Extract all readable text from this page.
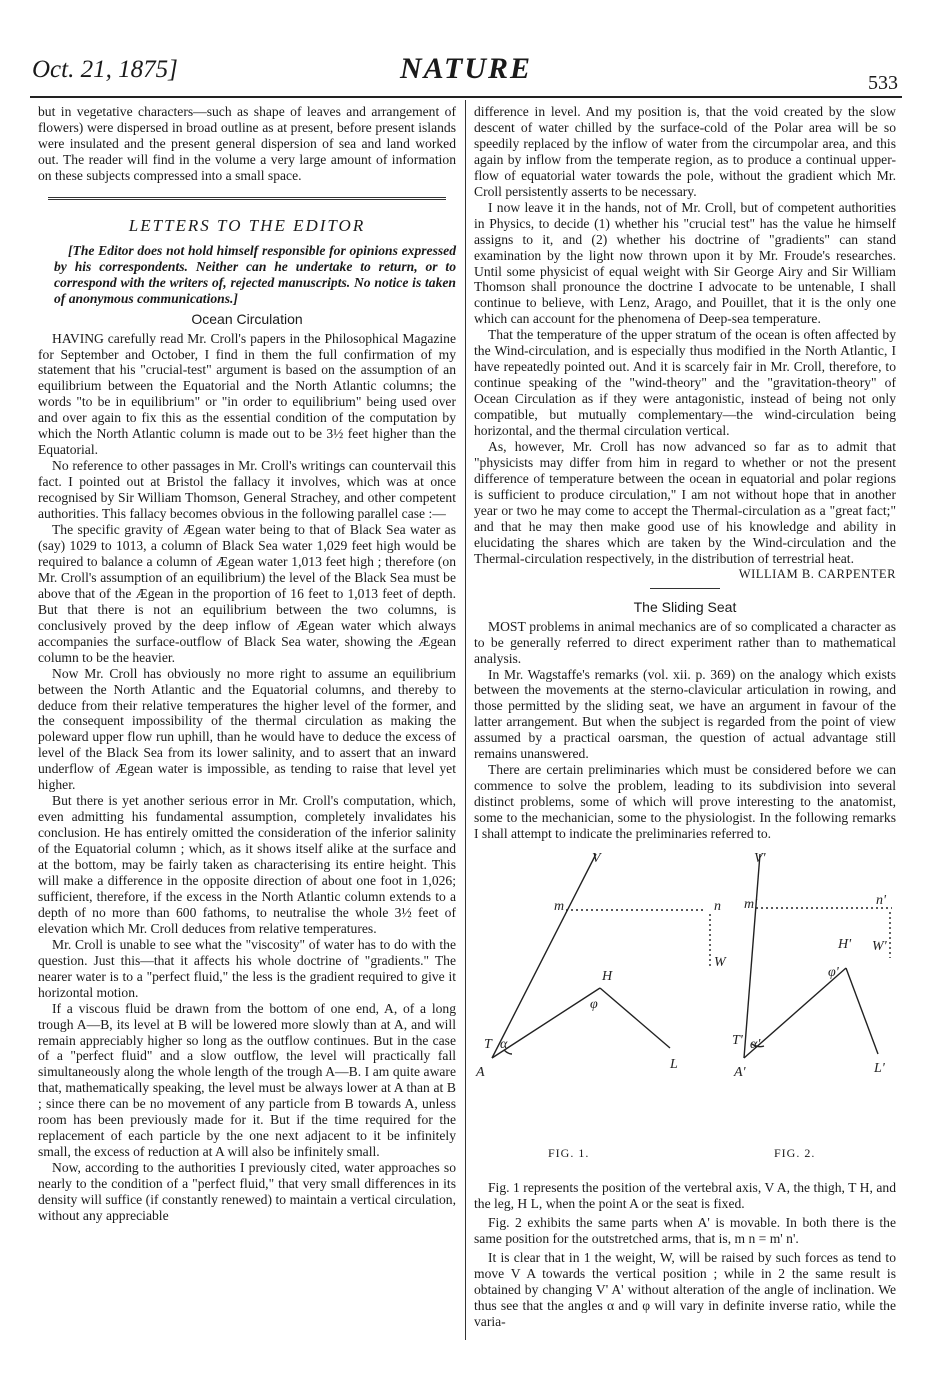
Oct. 21, 1875]	NATURE	533

but in vegetative characters—such as shape of leaves and arrangement of flowers) were dispersed in broad outline as at present, before present islands were insulated and the present general dispersion of sea and land worked out. The reader will find in the volume a very large amount of information on these subjects compressed into a small space.

LETTERS TO THE EDITOR

[The Editor does not hold himself responsible for opinions expressed by his correspondents. Neither can he undertake to return, or to correspond with the writers of, rejected manuscripts. No notice is taken of anonymous communications.]

Ocean Circulation

HAVING carefully read Mr. Croll's papers in the Philosophical Magazine for September and October, I find in them the full confirmation of my statement that his "crucial-test" argument is based on the assumption of an equilibrium between the Equatorial and the North Atlantic columns; the words "to be in equilibrium" or "in order to equilibrium" being used over and over again to fix this as the essential condition of the computation by which the North Atlantic column is made out to be 3½ feet higher than the Equatorial.

No reference to other passages in Mr. Croll's writings can countervail this fact. I pointed out at Bristol the fallacy it involves, which was at once recognised by Sir William Thomson, General Strachey, and other competent authorities. This fallacy becomes obvious in the following parallel case :—

The specific gravity of Ægean water being to that of Black Sea water as (say) 1029 to 1013, a column of Black Sea water 1,029 feet high would be required to balance a column of Ægean water 1,013 feet high ; therefore (on Mr. Croll's assumption of an equilibrium) the level of the Black Sea must be above that of the Ægean in the proportion of 16 feet to 1,013 feet of depth. But that there is not an equilibrium between the two columns, is conclusively proved by the deep inflow of Ægean water which always accompanies the surface-outflow of Black Sea water, showing the Ægean column to be the heavier.

Now Mr. Croll has obviously no more right to assume an equilibrium between the North Atlantic and the Equatorial columns, and thereby to deduce from their relative temperatures the higher level of the former, and the consequent impossibility of the thermal circulation as making the poleward upper flow run uphill, than he would have to deduce the excess of level of the Black Sea from its lower salinity, and to assert that an inward underflow of Ægean water is impossible, as tending to raise that level yet higher.

But there is yet another serious error in Mr. Croll's computation, which, even admitting his fundamental assumption, completely invalidates his conclusion. He has entirely omitted the consideration of the inferior salinity of the Equatorial column ; which, as it shows itself alike at the surface and at the bottom, may be fairly taken as characterising its entire height. This will make a difference in the opposite direction of about one foot in 1,026; sufficient, therefore, if the excess in the North Atlantic column extends to a depth of no more than 600 fathoms, to neutralise the whole 3½ feet of elevation which Mr. Croll deduces from relative temperatures.

Mr. Croll is unable to see what the "viscosity" of water has to do with the question. Just this—that it affects his whole doctrine of "gradients." The nearer water is to a "perfect fluid," the less is the gradient required to give it horizontal motion.

If a viscous fluid be drawn from the bottom of one end, A, of a long trough A—B, its level at B will be lowered more slowly than at A, and will remain appreciably higher so long as the outflow continues. But in the case of a "perfect fluid" and a slow outflow, the level will practically fall simultaneously along the whole length of the trough A—B. I am quite aware that, mathematically speaking, the level must be always lower at A than at B ; since there can be no movement of any particle from B towards A, unless room has been previously made for it. But if the time required for the replacement of each particle by the one next adjacent to it be infinitely small, the excess of reduction at A will also be infinitely small.

Now, according to the authorities I previously cited, water approaches so nearly to the condition of a "perfect fluid," that very small differences in its density will suffice (if constantly renewed) to maintain a vertical circulation, without any appreciable

difference in level. And my position is, that the void created by the slow descent of water chilled by the surface-cold of the Polar area will be so speedily replaced by the inflow of water from the circumpolar area, and this again by inflow from the temperate region, as to produce a continual upper-flow of equatorial water towards the pole, without the gradient which Mr. Croll persistently asserts to be necessary.

I now leave it in the hands, not of Mr. Croll, but of competent authorities in Physics, to decide (1) whether his "crucial test" has the value he himself assigns to it, and (2) whether his doctrine of "gradients" can stand examination by the light now thrown upon it by Mr. Froude's researches. Until some physicist of equal weight with Sir George Airy and Sir William Thomson shall pronounce the doctrine I advocate to be untenable, I shall continue to believe, with Lenz, Arago, and Pouillet, that it is the only one which can account for the phenomena of Deep-sea temperature.

That the temperature of the upper stratum of the ocean is often affected by the Wind-circulation, and is especially thus modified in the North Atlantic, I have repeatedly pointed out. And it is scarcely fair in Mr. Croll, therefore, to continue speaking of the "wind-theory" and the "gravitation-theory" of Ocean Circulation as if they were antagonistic, instead of being not only compatible, but mutually complementary—the wind-circulation being horizontal, and the thermal circulation vertical.

As, however, Mr. Croll has now advanced so far as to admit that "physicists may differ from him in regard to whether or not the present difference of temperature between the ocean in equatorial and polar regions is sufficient to produce circulation," I am not without hope that in another year or two he may come to accept the Thermal-circulation as a "great fact;" and that he may then make good use of his knowledge and ability in elucidating the shares which are taken by the Wind-circulation and the Thermal-circulation respectively, in the distribution of terrestrial heat.

WILLIAM B. CARPENTER
The Sliding Seat

MOST problems in animal mechanics are of so complicated a character as to be generally referred to direct experiment rather than to mathematical analysis.

In Mr. Wagstaffe's remarks (vol. xii. p. 369) on the analogy which exists between the movements at the sterno-clavicular articulation in rowing, and those permitted by the sliding seat, we have an argument in favour of the latter arrangement. But when the subject is regarded from the point of view assumed by a practical oarsman, the question of actual advantage still remains unanswered.

There are certain preliminaries which must be considered before we can commence to solve the problem, leading to its subdivision into several distinct problems, some of which will prove interesting to the anatomist, some to the mechanician, some to the physiologist. In the following remarks I shall attempt to indicate the preliminaries referred to.

V
m	n
W
H
φ
T α
A
L
V'
m'	n'
W'
H'
φ'
T' α'
A'	L'
FIG. 1.	FIG. 2.

Fig. 1 represents the position of the vertebral axis, V A, the thigh, T H, and the leg, H L, when the point A or the seat is fixed.

Fig. 2 exhibits the same parts when A' is movable. In both there is the same position for the outstretched arms, that is, m n = m' n'.

It is clear that in 1 the weight, W, will be raised by such forces as tend to move V A towards the vertical position ; while in 2 the same result is obtained by changing V' A' without alteration of the angle of inclination. We thus see that the angles α and φ will vary in definite inverse ratio, while the varia-
